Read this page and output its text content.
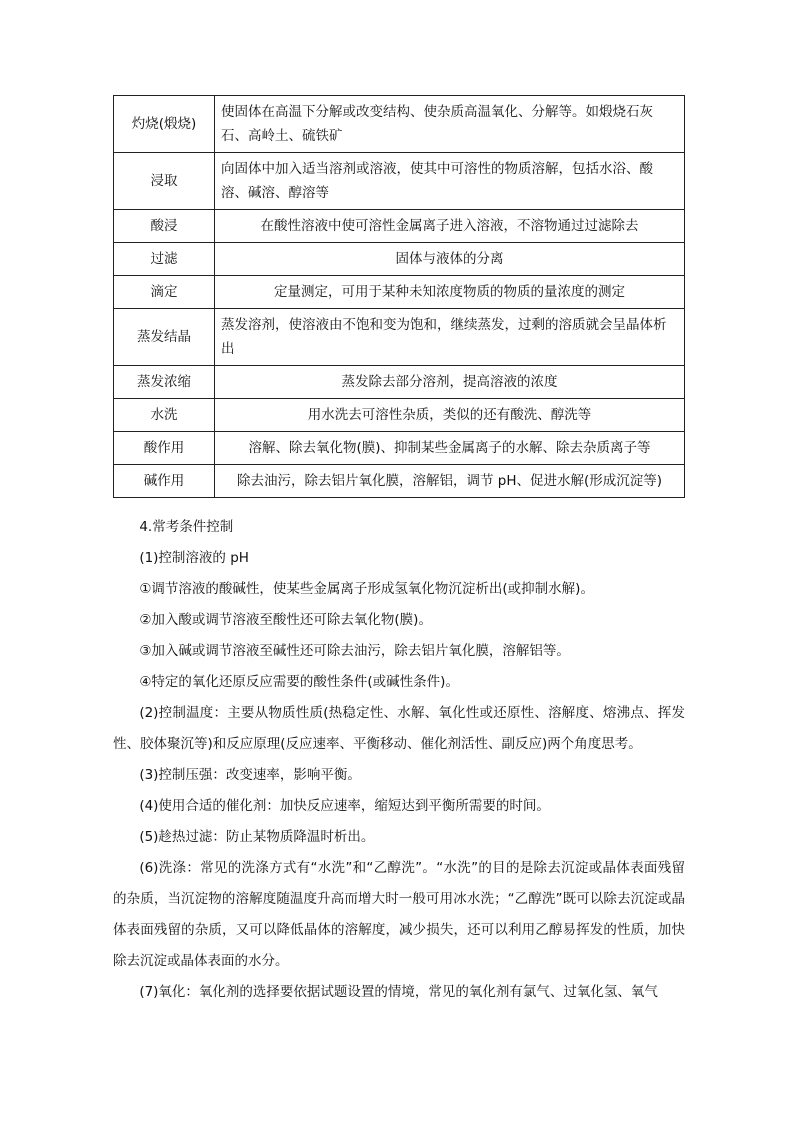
灼烧(煅烧)	使固体在高温下分解或改变结构、使杂质高温氧化、分解等。如煅烧石灰石、高岭土、硫铁矿
浸取	向固体中加入适当溶剂或溶液，使其中可溶性的物质溶解，包括水浴、酸溶、碱溶、醇溶等
酸浸	在酸性溶液中使可溶性金属离子进入溶液，不溶物通过过滤除去
过滤	固体与液体的分离
滴定	定量测定，可用于某种未知浓度物质的物质的量浓度的测定
蒸发结晶	蒸发溶剂，使溶液由不饱和变为饱和，继续蒸发，过剩的溶质就会呈晶体析出
蒸发浓缩	蒸发除去部分溶剂，提高溶液的浓度
水洗	用水洗去可溶性杂质，类似的还有酸洗、醇洗等
酸作用	溶解、除去氧化物(膜)、抑制某些金属离子的水解、除去杂质离子等
碱作用	除去油污，除去铝片氧化膜，溶解铝，调节 pH、促进水解(形成沉淀等)

4.常考条件控制

(1)控制溶液的 pH

①调节溶液的酸碱性，使某些金属离子形成氢氧化物沉淀析出(或抑制水解)。

②加入酸或调节溶液至酸性还可除去氧化物(膜)。

③加入碱或调节溶液至碱性还可除去油污，除去铝片氧化膜，溶解铝等。

④特定的氧化还原反应需要的酸性条件(或碱性条件)。

(2)控制温度：主要从物质性质(热稳定性、水解、氧化性或还原性、溶解度、熔沸点、挥发性、胶体聚沉等)和反应原理(反应速率、平衡移动、催化剂活性、副反应)两个角度思考。

(3)控制压强：改变速率，影响平衡。

(4)使用合适的催化剂：加快反应速率，缩短达到平衡所需要的时间。

(5)趁热过滤：防止某物质降温时析出。

(6)洗涤：常见的洗涤方式有“水洗”和“乙醇洗”。“水洗”的目的是除去沉淀或晶体表面残留的杂质，当沉淀物的溶解度随温度升高而增大时一般可用冰水洗；“乙醇洗”既可以除去沉淀或晶体表面残留的杂质，又可以降低晶体的溶解度，减少损失，还可以利用乙醇易挥发的性质，加快除去沉淀或晶体表面的水分。

(7)氧化：氧化剂的选择要依据试题设置的情境，常见的氧化剂有氯气、过氧化氢、氧气
